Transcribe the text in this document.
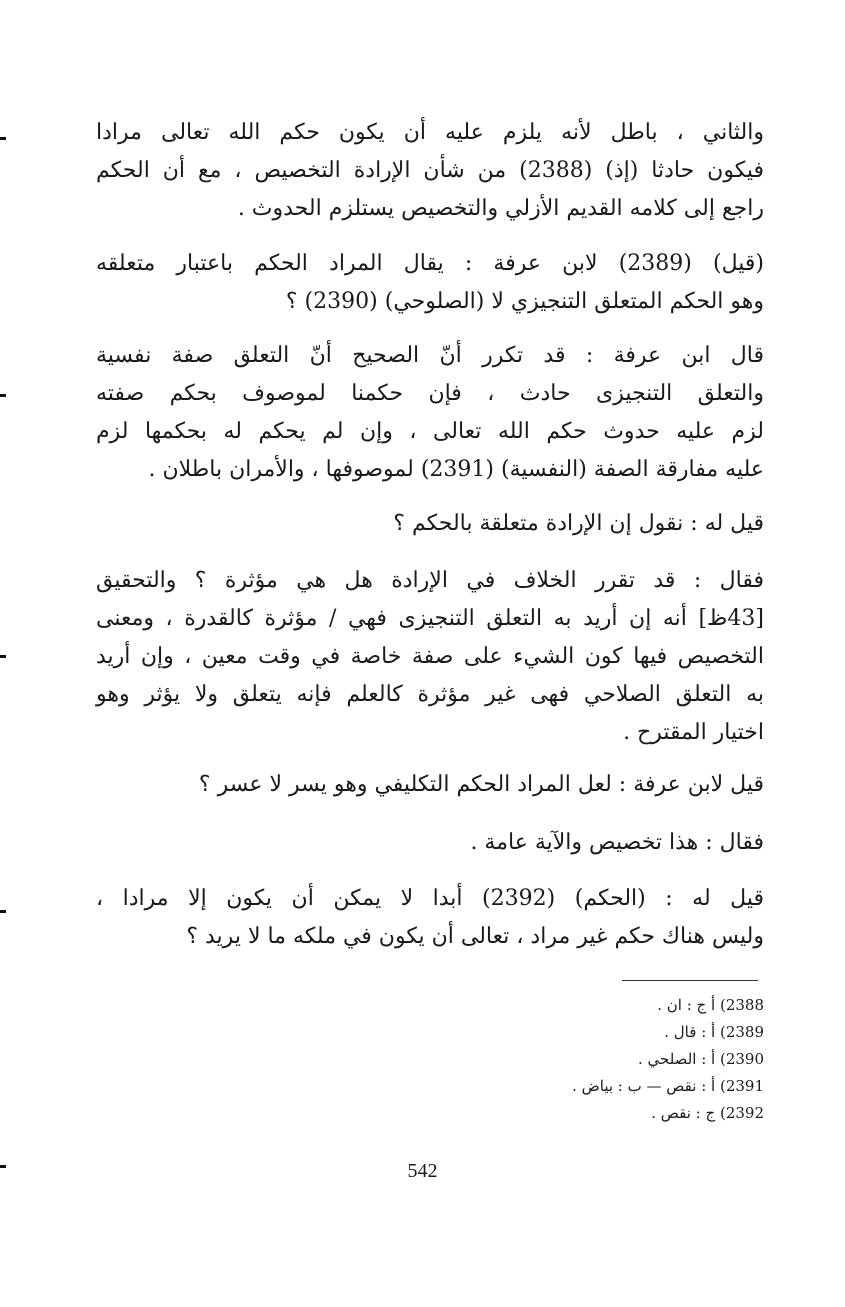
والثاني ، باطل لأنه يلزم عليه أن يكون حكم الله تعالى مرادا
فيكون حادثا (إذ) (2388) من شأن الإرادة التخصيص ، مع أن الحكم
راجع إلى كلامه القديم الأزلي والتخصيص يستلزم الحدوث .
(قيل) (2389) لابن عرفة : يقال المراد الحكم باعتبار متعلقه
وهو الحكم المتعلق التنجيزي لا (الصلوحي) (2390) ؟
قال ابن عرفة : قد تكرر أنّ الصحيح أنّ التعلق صفة نفسية
والتعلق التنجيزى حادث ، فإن حكمنا لموصوف بحكم صفته
لزم عليه حدوث حكم الله تعالى ، وإن لم يحكم له بحكمها لزم
عليه مفارقة الصفة (النفسية) (2391) لموصوفها ، والأمران باطلان .
قيل له : نقول إن الإرادة متعلقة بالحكم ؟
فقال : قد تقرر الخلاف في الإرادة هل هي مؤثرة ؟ والتحقيق
[43ظ] أنه إن أريد به التعلق التنجيزى فهي / مؤثرة كالقدرة ، ومعنى
التخصيص فيها كون الشيء على صفة خاصة في وقت معين ، وإن أريد
به التعلق الصلاحي فهى غير مؤثرة كالعلم فإنه يتعلق ولا يؤثر وهو
اختيار المقترح .
قيل لابن عرفة : لعل المراد الحكم التكليفي وهو يسر لا عسر ؟
فقال : هذا تخصيص والآية عامة .
قيل له : (الحكم) (2392) أبدا لا يمكن أن يكون إلا مرادا ،
وليس هناك حكم غير مراد ، تعالى أن يكون في ملكه ما لا يريد ؟
2388) أ ج : ان .
2389) أ : قال .
2390) أ : الصلحي .
2391) أ : نقص — ب : بياض .
2392) ج : نقص .
542
